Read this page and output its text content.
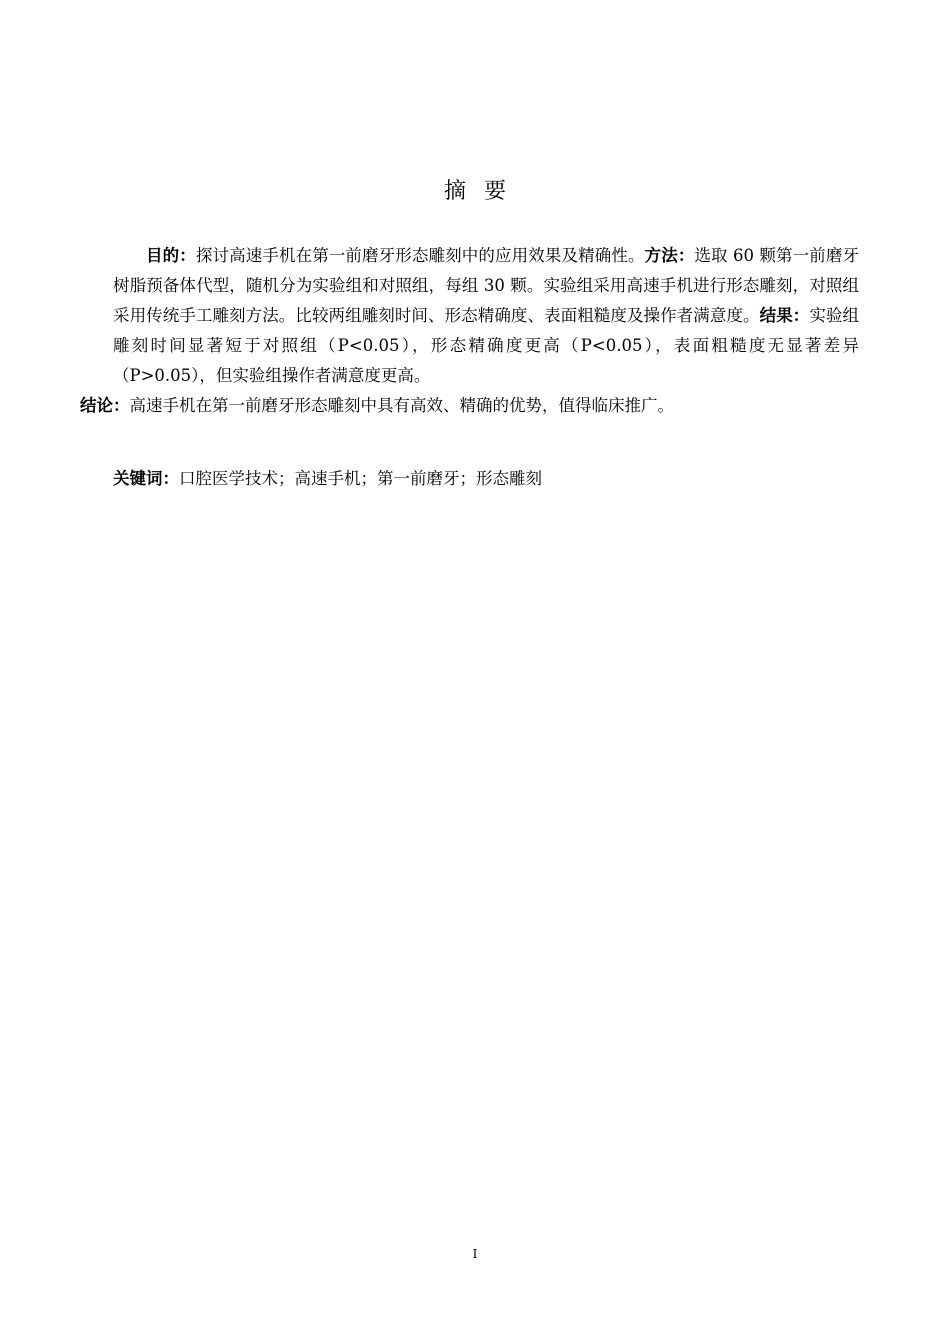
摘要

目的：探讨高速手机在第一前磨牙形态雕刻中的应用效果及精确性。方法：选取 60 颗第一前磨牙树脂预备体代型，随机分为实验组和对照组，每组 30 颗。实验组采用高速手机进行形态雕刻，对照组采用传统手工雕刻方法。比较两组雕刻时间、形态精确度、表面粗糙度及操作者满意度。结果：实验组雕刻时间显著短于对照组（P<0.05），形态精确度更高（P<0.05），表面粗糙度无显著差异（P>0.05），但实验组操作者满意度更高。
结论：高速手机在第一前磨牙形态雕刻中具有高效、精确的优势，值得临床推广。

关键词：口腔医学技术；高速手机；第一前磨牙；形态雕刻

I
